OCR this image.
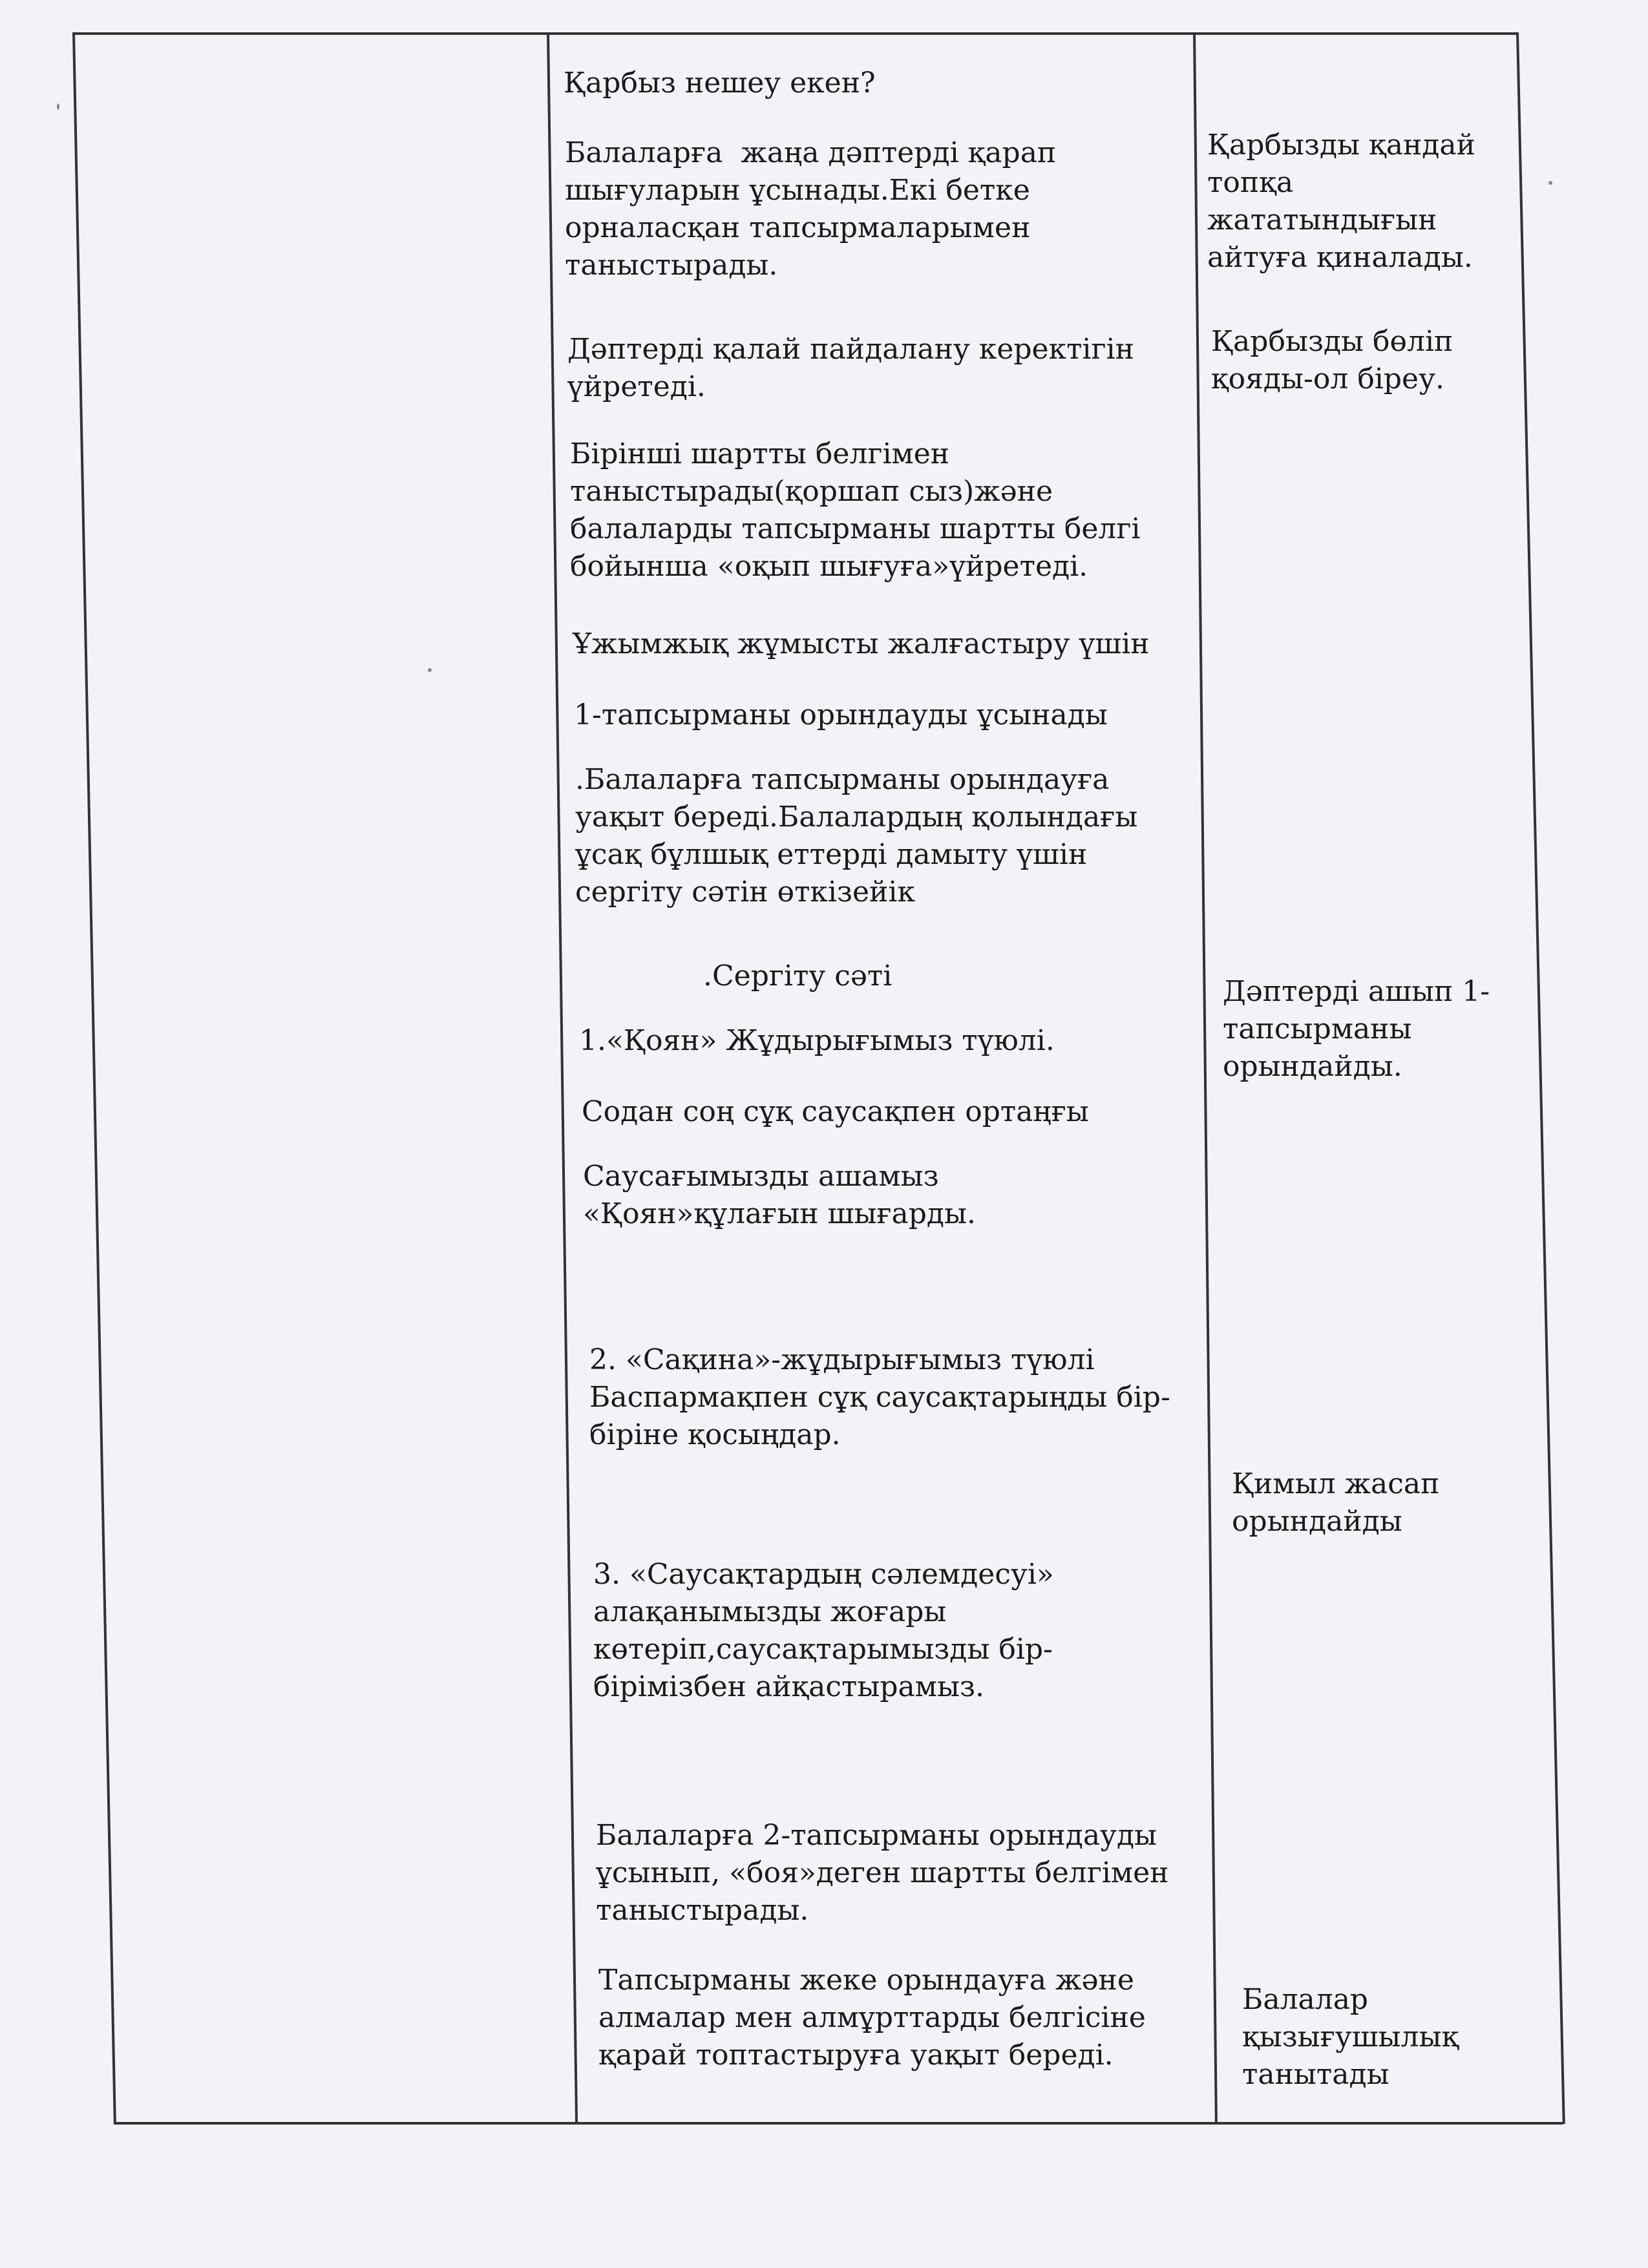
Қарбыз нешеу екен?

Балаларға  жаңа дәптерді қарап
шығуларын ұсынады.Екі бетке
орналасқан тапсырмаларымен
таныстырады.

Дәптерді қалай пайдалану керектігін
үйретеді.

Бірінші шартты белгімен
таныстырады(қоршап сыз)және
балаларды тапсырманы шартты белгі
бойынша «оқып шығуға»үйретеді.

Ұжымжық жұмысты жалғастыру үшін

1-тапсырманы орындауды ұсынады

.Балаларға тапсырманы орындауға
уақыт береді.Балалардың қолындағы
ұсақ бұлшық еттерді дамыту үшін
сергіту сәтін өткізейік

.Сергіту сәті

1.«Қоян» Жұдырығымыз түюлі.

Содан соң сұқ саусақпен ортаңғы

Саусағымызды ашамыз
«Қоян»құлағын шығарды.

2. «Сақина»-жұдырығымыз түюлі
Баспармақпен сұқ саусақтарыңды бір-
біріне қосыңдар.

3. «Саусақтардың сәлемдесуі»
алақанымызды жоғары
көтеріп,саусақтарымызды бір-
бірімізбен айқастырамыз.

Балаларға 2-тапсырманы орындауды
ұсынып, «боя»деген шартты белгімен
таныстырады.

Тапсырманы жеке орындауға және
алмалар мен алмұрттарды белгісіне
қарай топтастыруға уақыт береді.

Қарбызды қандай
топқа
жататындығын
айтуға қиналады.

Қарбызды бөліп
қояды-ол біреу.

Дәптерді ашып 1-
тапсырманы
орындайды.

Қимыл жасап
орындайды

Балалар
қызығушылық
танытады
